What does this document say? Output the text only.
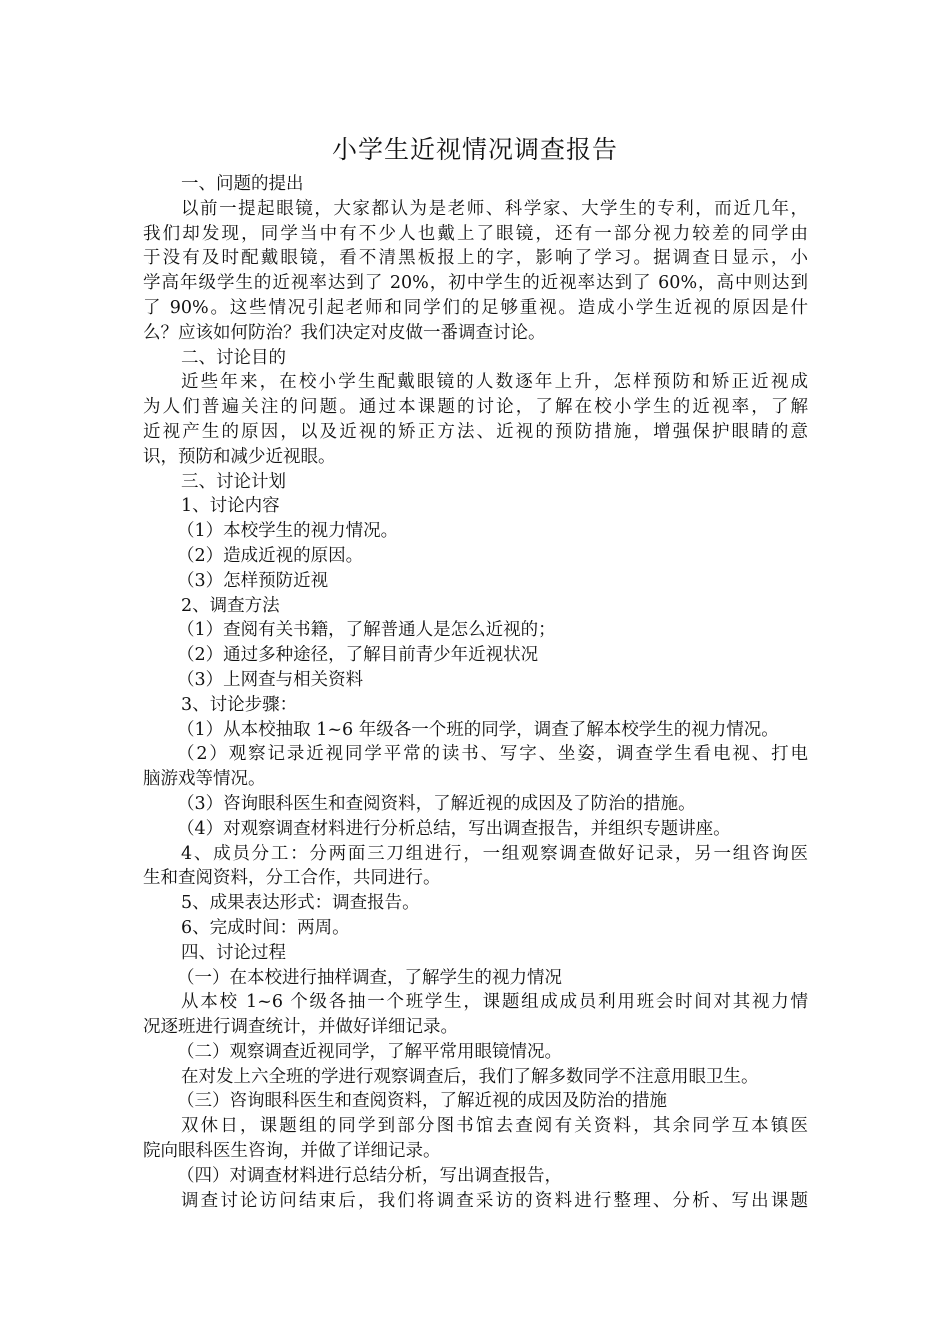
小学生近视情况调查报告
一、问题的提出
以前一提起眼镜，大家都认为是老师、科学家、大学生的专利，而近几年，
我们却发现，同学当中有不少人也戴上了眼镜，还有一部分视力较差的同学由
于没有及时配戴眼镜，看不清黑板报上的字，影响了学习。据调查日显示，小
学高年级学生的近视率达到了 20%，初中学生的近视率达到了 60%，高中则达到
了 90%。这些情况引起老师和同学们的足够重视。造成小学生近视的原因是什
么？应该如何防治？我们决定对皮做一番调查讨论。
二、讨论目的
近些年来，在校小学生配戴眼镜的人数逐年上升，怎样预防和矫正近视成
为人们普遍关注的问题。通过本课题的讨论，了解在校小学生的近视率，了解
近视产生的原因，以及近视的矫正方法、近视的预防措施，增强保护眼睛的意
识，预防和减少近视眼。
三、讨论计划
1、讨论内容
（1）本校学生的视力情况。
（2）造成近视的原因。
（3）怎样预防近视
2、调查方法
（1）查阅有关书籍，了解普通人是怎么近视的；
（2）通过多种途径，了解目前青少年近视状况
（3）上网查与相关资料
3、讨论步骤：
（1）从本校抽取 1~6 年级各一个班的同学，调查了解本校学生的视力情况。
（2）观察记录近视同学平常的读书、写字、坐姿，调查学生看电视、打电
脑游戏等情况。
（3）咨询眼科医生和查阅资料，了解近视的成因及了防治的措施。
（4）对观察调查材料进行分析总结，写出调查报告，并组织专题讲座。
4、成员分工：分两面三刀组进行，一组观察调查做好记录，另一组咨询医
生和查阅资料，分工合作，共同进行。
5、成果表达形式：调查报告。
6、完成时间：两周。
四、讨论过程
（一）在本校进行抽样调查，了解学生的视力情况
从本校 1~6 个级各抽一个班学生，课题组成成员利用班会时间对其视力情
况逐班进行调查统计，并做好详细记录。
（二）观察调查近视同学，了解平常用眼镜情况。
在对发上六全班的学进行观察调查后，我们了解多数同学不注意用眼卫生。
（三）咨询眼科医生和查阅资料，了解近视的成因及防治的措施
双休日，课题组的同学到部分图书馆去查阅有关资料，其余同学互本镇医
院向眼科医生咨询，并做了详细记录。
（四）对调查材料进行总结分析，写出调查报告，
调查讨论访问结束后，我们将调查采访的资料进行整理、分析、写出课题
